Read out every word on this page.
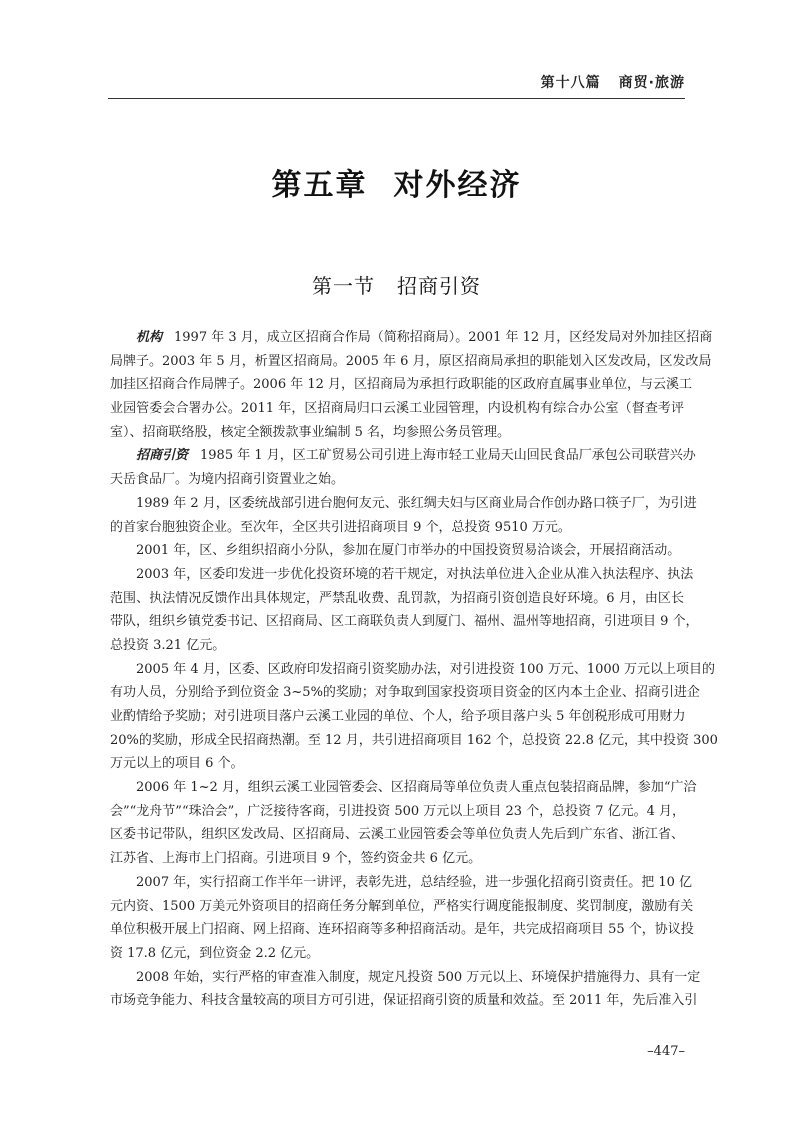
第十八篇 商贸·旅游
第五章 对外经济
第一节 招商引资
机构 1997 年 3 月，成立区招商合作局（简称招商局）。2001 年 12 月，区经发局对外加挂区招商
局牌子。2003 年 5 月，析置区招商局。2005 年 6 月，原区招商局承担的职能划入区发改局，区发改局
加挂区招商合作局牌子。2006 年 12 月，区招商局为承担行政职能的区政府直属事业单位，与云溪工
业园管委会合署办公。2011 年，区招商局归口云溪工业园管理，内设机构有综合办公室（督查考评
室）、招商联络股，核定全额拨款事业编制 5 名，均参照公务员管理。
招商引资 1985 年 1 月，区工矿贸易公司引进上海市轻工业局天山回民食品厂承包公司联营兴办
天岳食品厂。为境内招商引资置业之始。
1989 年 2 月，区委统战部引进台胞何友元、张红绸夫妇与区商业局合作创办路口筷子厂，为引进
的首家台胞独资企业。至次年，全区共引进招商项目 9 个，总投资 9510 万元。
2001 年，区、乡组织招商小分队，参加在厦门市举办的中国投资贸易洽谈会，开展招商活动。
2003 年，区委印发进一步优化投资环境的若干规定，对执法单位进入企业从准入执法程序、执法
范围、执法情况反馈作出具体规定，严禁乱收费、乱罚款，为招商引资创造良好环境。6 月，由区长
带队，组织乡镇党委书记、区招商局、区工商联负责人到厦门、福州、温州等地招商，引进项目 9 个，
总投资 3.21 亿元。
2005 年 4 月，区委、区政府印发招商引资奖励办法，对引进投资 100 万元、1000 万元以上项目的
有功人员，分别给予到位资金 3~5%的奖励；对争取到国家投资项目资金的区内本土企业、招商引进企
业酌情给予奖励；对引进项目落户云溪工业园的单位、个人，给予项目落户头 5 年创税形成可用财力
20%的奖励，形成全民招商热潮。至 12 月，共引进招商项目 162 个，总投资 22.8 亿元，其中投资 300
万元以上的项目 6 个。
2006 年 1~2 月，组织云溪工业园管委会、区招商局等单位负责人重点包装招商品牌，参加“广洽
会”“龙舟节”“珠洽会”，广泛接待客商，引进投资 500 万元以上项目 23 个，总投资 7 亿元。4 月，
区委书记带队，组织区发改局、区招商局、云溪工业园管委会等单位负责人先后到广东省、浙江省、
江苏省、上海市上门招商。引进项目 9 个，签约资金共 6 亿元。
2007 年，实行招商工作半年一讲评，表彰先进，总结经验，进一步强化招商引资责任。把 10 亿
元内资、1500 万美元外资项目的招商任务分解到单位，严格实行调度能报制度、奖罚制度，激励有关
单位积极开展上门招商、网上招商、连环招商等多种招商活动。是年，共完成招商项目 55 个，协议投
资 17.8 亿元，到位资金 2.2 亿元。
2008 年始，实行严格的审查准入制度，规定凡投资 500 万元以上、环境保护措施得力、具有一定
市场竞争能力、科技含量较高的项目方可引进，保证招商引资的质量和效益。至 2011 年，先后准入引
–447–
